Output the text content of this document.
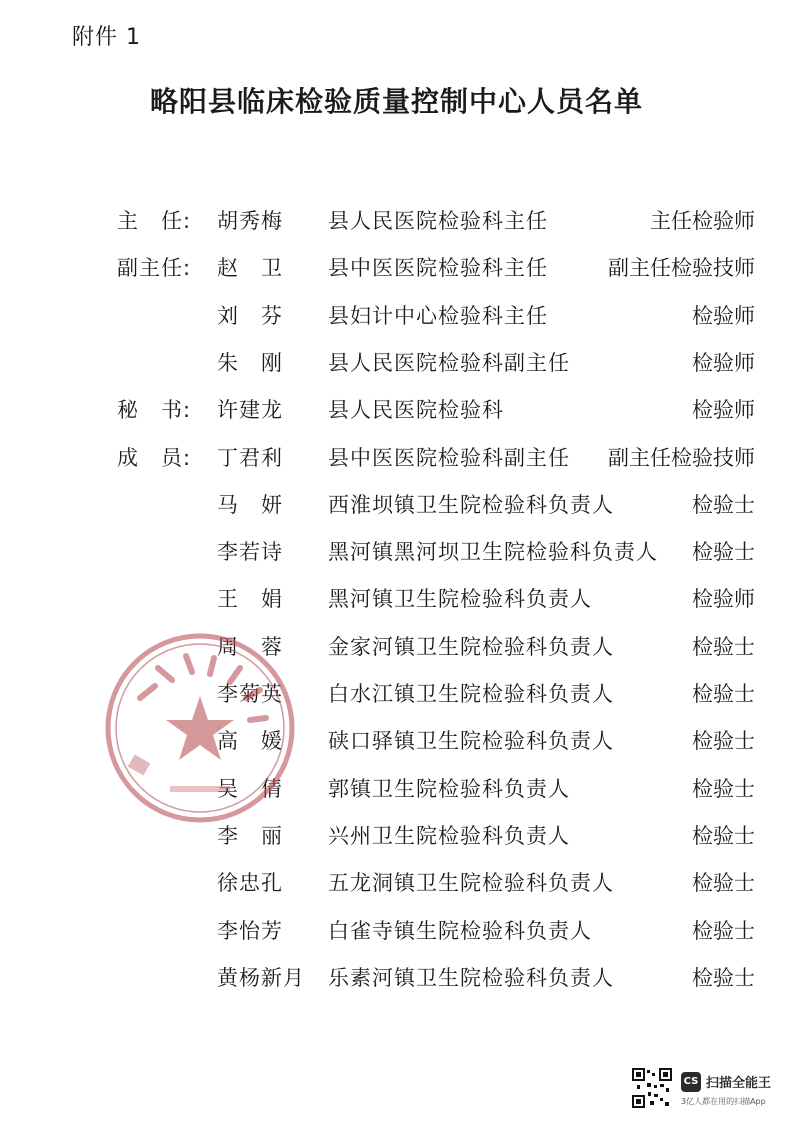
附件 1
略阳县临床检验质量控制中心人员名单
主　任: 胡秀梅 县人民医院检验科主任	主任检验师
副主任: 赵　卫 县中医医院检验科主任	副主任检验技师
刘　芬 县妇计中心检验科主任	检验师
朱　刚 县人民医院检验科副主任	检验师
秘　书: 许建龙 县人民医院检验科	检验师
成　员: 丁君利 县中医医院检验科副主任 副主任检验技师
马　妍 西淮坝镇卫生院检验科负责人	检验士
李若诗 黑河镇黑河坝卫生院检验科负责人 检验士
王　娟 黑河镇卫生院检验科负责人	检验师
周　蓉 金家河镇卫生院检验科负责人	检验士
李菊英 白水江镇卫生院检验科负责人	检验士
高　媛 硖口驿镇卫生院检验科负责人	检验士
吴　倩 郭镇卫生院检验科负责人	检验士
李　丽 兴州卫生院检验科负责人	检验士
徐忠孔 五龙洞镇卫生院检验科负责人	检验士
李怡芳 白雀寺镇生院检验科负责人	检验士
黄杨新月 乐素河镇卫生院检验科负责人	检验士
CS 扫描全能王
3亿人都在用的扫描App
